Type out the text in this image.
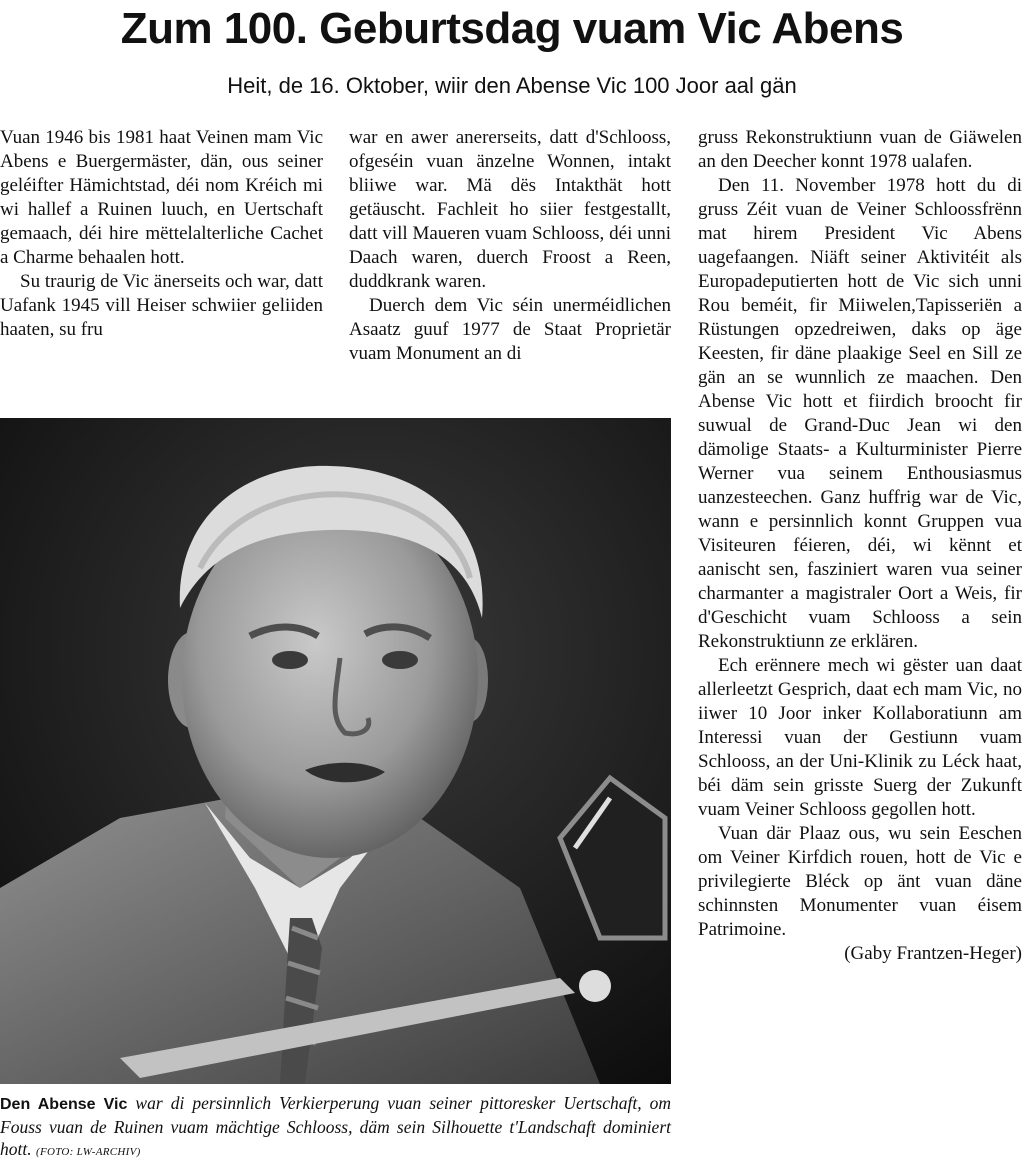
Zum 100. Geburtsdag vuam Vic Abens
Heit, de 16. Oktober, wiir den Abense Vic 100 Joor aal gän

Vuan 1946 bis 1981 haat Veinen mam Vic Abens e Buergermäster, dän, ous seiner geléifter Hämichtstad, déi nom Kréich mi wi hallef a Ruinen luuch, en Uertschaft gemaach, déi hire mëttelalterliche Cachet a Charme behaalen hott.

Su traurig de Vic änerseits och war, datt Uafank 1945 vill Heiser schwiier geliiden haaten, su fru

war en awer anererseits, datt d'Schlooss, ofgeséin vuan änzelne Wonnen, intakt bliiwe war. Mä dës Intakthät hott getäuscht. Fachleit ho siier festgestallt, datt vill Maueren vuam Schlooss, déi unni Daach waren, duerch Froost a Reen, duddkrank waren.

Duerch dem Vic séin unerméidlichen Asaatz guuf 1977 de Staat Proprietär vuam Monument an di

gruss Rekonstruktiunn vuan de Giäwelen an den Deecher konnt 1978 ualafen.

Den 11. November 1978 hott du di gruss Zéit vuan de Veiner Schloossfrënn mat hirem President Vic Abens uagefaangen. Niäft seiner Aktivitéit als Europadeputierten hott de Vic sich unni Rou beméit, fir Miiwelen,Tapisseriën a Rüstungen opzedreiwen, daks op äge Keesten, fir däne plaakige Seel en Sill ze gän an se wunnlich ze maachen. Den Abense Vic hott et fiirdich broocht fir suwual de Grand-Duc Jean wi den dämolige Staats- a Kulturminister Pierre Werner vua seinem Enthousiasmus uanzesteechen. Ganz huffrig war de Vic, wann e persinnlich konnt Gruppen vua Visiteuren féieren, déi, wi kënnt et aanischt sen, fasziniert waren vua seiner charmanter a magistraler Oort a Weis, fir d'Geschicht vuam Schlooss a sein Rekonstruktiunn ze erklären.

Ech erënnere mech wi gëster uan daat allerleetzt Gesprich, daat ech mam Vic, no iiwer 10 Joor inker Kollaboratiunn am Interessi vuan der Gestiunn vuam Schlooss, an der Uni-Klinik zu Léck haat, béi däm sein grisste Suerg der Zukunft vuam Veiner Schlooss gegollen hott.

Vuan där Plaaz ous, wu sein Eeschen om Veiner Kirfdich rouen, hott de Vic e privilegierte Bléck op änt vuan däne schinnsten Monumenter vuan éisem Patrimoine.

(Gaby Frantzen-Heger)

Den Abense Vic war di persinnlich Verkierperung vuan seiner pittoresker Uertschaft, om Fouss vuan de Ruinen vuam mächtige Schlooss, däm sein Silhouette t'Landschaft dominiert hott. (FOTO: LW-ARCHIV)
